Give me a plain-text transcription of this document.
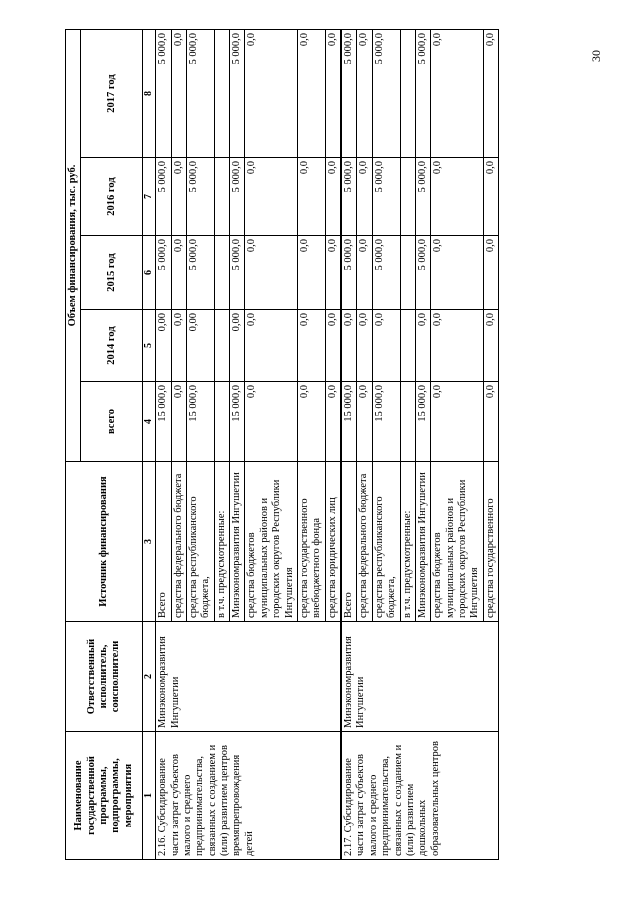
30
Наименование государственной программы, подпрограммы, мероприятия	Ответственный исполнитель, соисполнители	Источник финансирования	Объем финансирования, тыс. руб.				
			всего	2014 год	2015 год	2016 год	2017 год
1	2	3	4	5	6	7	8
2.16. Субсидирование части затрат субъектов малого и среднего предпринимательства, связанных с созданием и (или) развитием центров времяпрепровождения детей	Минэкономразвития Ингушетии	Всего	15 000,0	0,00	5 000,0	5 000,0	5 000,0
		средства федерального бюджета	0,0	0,0	0,0	0,0	0,0
		средства республиканского бюджета,	15 000,0	0,00	5 000,0	5 000,0	5 000,0
		в т.ч. предусмотренные:					
		Минэкономразвития Ингушетии	15 000,0	0,00	5 000,0	5 000,0	5 000,0
		средства бюджетов муниципальных районов и городских округов Республики Ингушетия	0,0	0,0	0,0	0,0	0,0
		средства государственного внебюджетного фонда	0,0	0,0	0,0	0,0	0,0
		средства юридических лиц	0,0	0,0	0,0	0,0	0,0
2.17. Субсидирование части затрат субъектов малого и среднего предпринимательства, связанных с созданием и (или) развитием дошкольных образовательных центров	Минэкономразвития Ингушетии	Всего	15 000,0	0,0	5 000,0	5 000,0	5 000,0
		средства федерального бюджета	0,0	0,0	0,0	0,0	0,0
		средства республиканского бюджета,	15 000,0	0,0	5 000,0	5 000,0	5 000,0
		в т.ч. предусмотренные:					
		Минэкономразвития Ингушетии	15 000,0	0,0	5 000,0	5 000,0	5 000,0
		средства бюджетов муниципальных районов и городских округов Республики Ингушетия	0,0	0,0	0,0	0,0	0,0
		средства государственного	0,0	0,0	0,0	0,0	0,0
